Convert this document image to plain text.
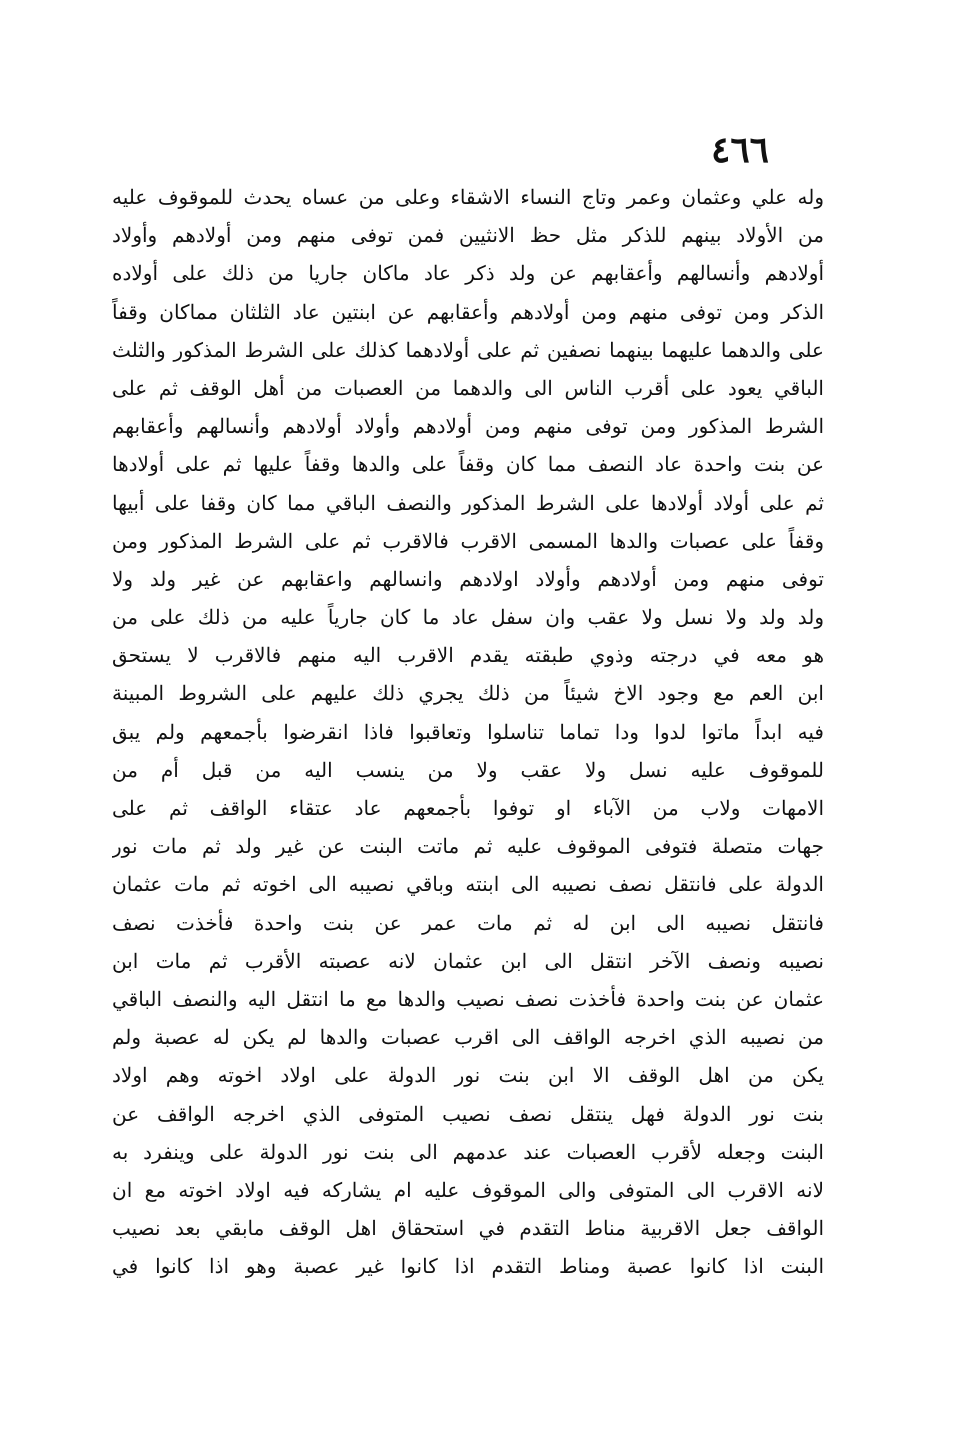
٤٦٦
وله علي وعثمان وعمر وتاج النساء الاشقاء وعلى من عساه يحدث للموقوف عليه
من الأولاد بينهم للذكر مثل حظ الانثيين فمن توفى منهم ومن أولادهم وأولاد
أولادهم وأنسالهم وأعقابهم عن ولد ذكر عاد ماكان جاريا من ذلك على أولاده
الذكر ومن توفى منهم ومن أولادهم وأعقابهم عن ابنتين عاد الثلثان مماكان وقفاً
على والدهما عليهما بينهما نصفين ثم على أولادهما كذلك على الشرط المذكور والثلث
الباقي يعود على أقرب الناس الى والدهما من العصبات من أهل الوقف ثم على
الشرط المذكور ومن توفى منهم ومن أولادهم وأولاد أولادهم وأنسالهم وأعقابهم
عن بنت واحدة عاد النصف مما كان وقفاً على والدها وقفاً عليها ثم على أولادها
ثم على أولاد أولادها على الشرط المذكور والنصف الباقي مما كان وقفا على أبيها
وقفاً على عصبات والدها المسمى الاقرب فالاقرب ثم على الشرط المذكور ومن
توفى منهم ومن أولادهم وأولاد اولادهم وانسالهم واعقابهم عن غير ولد ولا
ولد ولد ولا نسل ولا عقب وان سفل عاد ما كان جارياً عليه من ذلك على من
هو معه في درجته وذوي طبقته يقدم الاقرب اليه منهم فالاقرب لا يستحق
ابن العم مع وجود الاخ شيئاً من ذلك يجري ذلك عليهم على الشروط المبينة
فيه ابداً ماتوا لدوا ودا تماما تناسلوا وتعاقبوا فاذا انقرضوا بأجمعهم ولم يبق
للموقوف عليه نسل ولا عقب ولا من ينسب اليه من قبل أم من
الامهات ولاب من الآباء او توفوا بأجمعهم عاد عتقاء الواقف ثم على
جهات متصلة فتوفى الموقوف عليه ثم ماتت البنت عن غير ولد ثم مات نور
الدولة على فانتقل نصف نصيبه الى ابنته وباقي نصيبه الى اخوته ثم مات عثمان
فانتقل نصيبه الى ابن له ثم مات عمر عن بنت واحدة فأخذت نصف
نصيبه ونصف الآخر انتقل الى ابن عثمان لانه عصبته الأقرب ثم مات ابن
عثمان عن بنت واحدة فأخذت نصف نصيب والدها مع ما انتقل اليه والنصف الباقي
من نصيبه الذي اخرجه الواقف الى اقرب عصبات والدها لم يكن له عصبة ولم
يكن من اهل الوقف الا ابن بنت نور الدولة على اولاد اخوته وهم اولاد
بنت نور الدولة فهل ينتقل نصف نصيب المتوفى الذي اخرجه الواقف عن
البنت وجعله لأقرب العصبات عند عدمهم الى بنت نور الدولة على وينفرد به
لانه الاقرب الى المتوفى والى الموقوف عليه ام يشاركه فيه اولاد اخوته مع ان
الواقف جعل الاقربية مناط التقدم في استحقاق اهل الوقف مابقي بعد نصيب
البنت اذا كانوا عصبة ومناط التقدم اذا كانوا غير عصبة وهو اذا كانوا في
